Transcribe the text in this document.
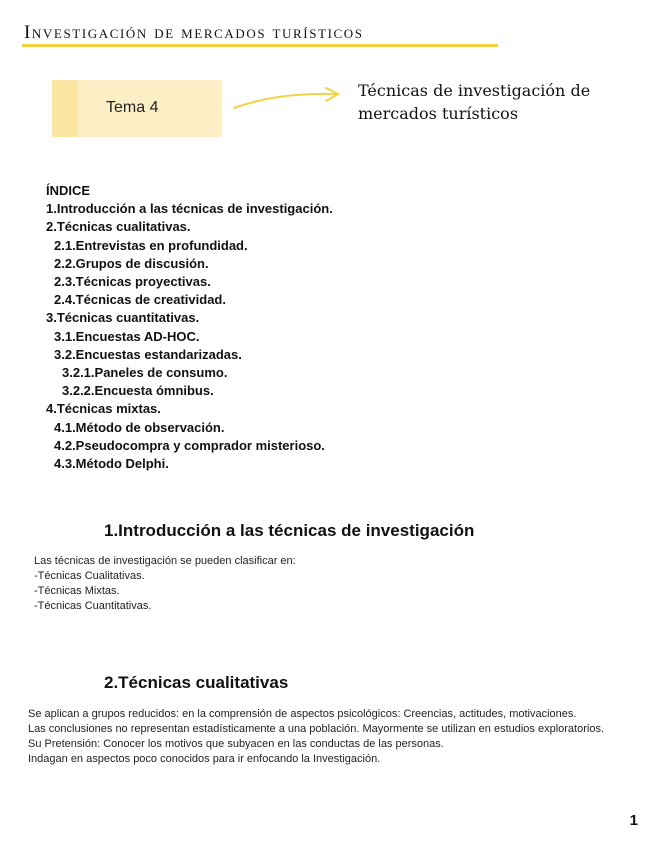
Investigación de mercados turísticos
Tema 4
Técnicas de investigación de
mercados turísticos
ÍNDICE
1.Introducción a las técnicas de investigación.
2.Técnicas cualitativas.
2.1.Entrevistas en profundidad.
2.2.Grupos de discusión.
2.3.Técnicas proyectivas.
2.4.Técnicas de creatividad.
3.Técnicas cuantitativas.
3.1.Encuestas AD-HOC.
3.2.Encuestas estandarizadas.
3.2.1.Paneles de consumo.
3.2.2.Encuesta ómnibus.
4.Técnicas mixtas.
4.1.Método de observación.
4.2.Pseudocompra y comprador misterioso.
4.3.Método Delphi.
1.Introducción a las técnicas de investigación
Las técnicas de investigación se pueden clasificar en:
-Técnicas Cualitativas.
-Técnicas Mixtas.
-Técnicas Cuantitativas.
2.Técnicas cualitativas
Se aplican a grupos reducidos: en la comprensión de aspectos psicológicos: Creencias, actitudes, motivaciones.
Las conclusiones no representan estadísticamente a una población. Mayormente se utilizan en estudios exploratorios.
Su Pretensión: Conocer los motivos que subyacen en las conductas de las personas.
Indagan en aspectos poco conocidos para ir enfocando la Investigación.
1
